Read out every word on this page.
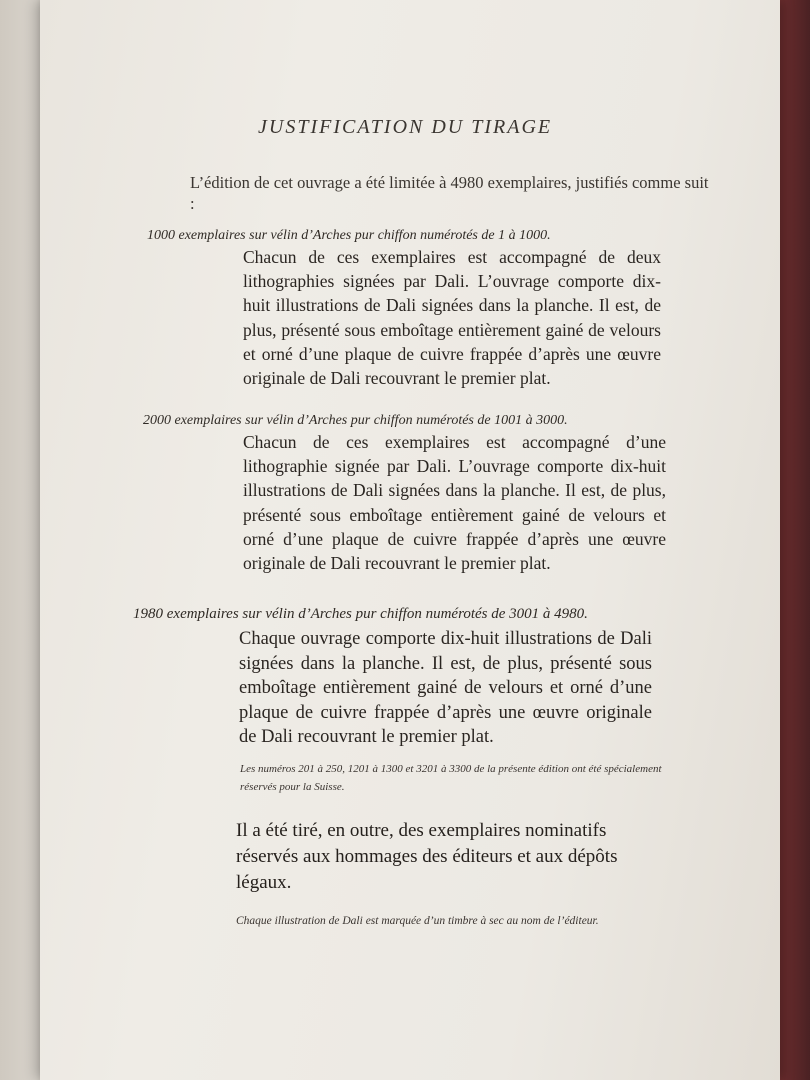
JUSTIFICATION DU TIRAGE
L’édition de cet ouvrage a été limitée à 4980 exemplaires, justifiés comme suit :
1000 exemplaires sur vélin d’Arches pur chiffon numérotés de 1 à 1000.
Chacun de ces exemplaires est accompagné de deux lithographies signées par Dali. L’ouvrage comporte dix-huit illustrations de Dali signées dans la planche. Il est, de plus, présenté sous emboîtage entièrement gainé de velours et orné d’une plaque de cuivre frappée d’après une œuvre originale de Dali recouvrant le premier plat.
2000 exemplaires sur vélin d’Arches pur chiffon numérotés de 1001 à 3000.
Chacun de ces exemplaires est accompagné d’une lithographie signée par Dali. L’ouvrage comporte dix-huit illustrations de Dali signées dans la planche. Il est, de plus, présenté sous emboîtage entièrement gainé de velours et orné d’une plaque de cuivre frappée d’après une œuvre originale de Dali recouvrant le premier plat.
1980 exemplaires sur vélin d’Arches pur chiffon numérotés de 3001 à 4980.
Chaque ouvrage comporte dix-huit illustrations de Dali signées dans la planche. Il est, de plus, présenté sous emboîtage entièrement gainé de velours et orné d’une plaque de cuivre frappée d’après une œuvre originale de Dali recouvrant le premier plat.
Les numéros 201 à 250, 1201 à 1300 et 3201 à 3300 de la présente édition ont été spécialement réservés pour la Suisse.
Il a été tiré, en outre, des exemplaires nominatifs réservés aux hommages des éditeurs et aux dépôts légaux.
Chaque illustration de Dali est marquée d’un timbre à sec au nom de l’éditeur.
